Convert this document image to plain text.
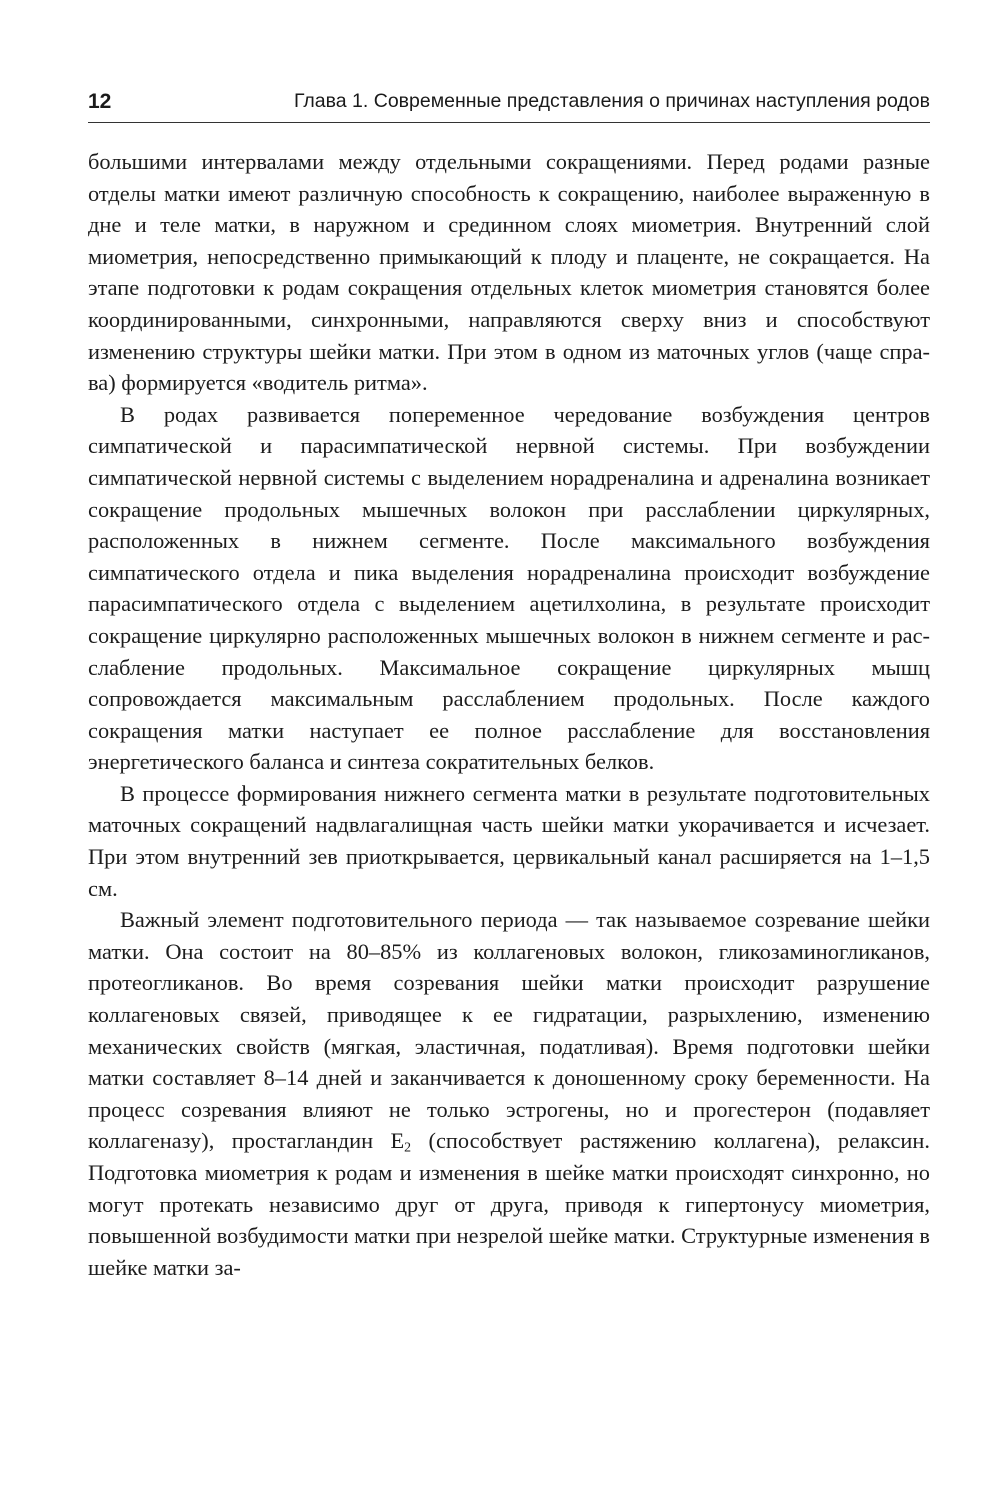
12	Глава 1. Современные представления о причинах наступления родов

большими интервалами между отдельными сокращениями. Перед родами разные отделы матки имеют различную способность к сокращению, наиболее выраженную в дне и теле матки, в наружном и срединном слоях миометрия. Внутренний слой миометрия, непосредственно примыкающий к плоду и плаценте, не сокращается. На этапе подготовки к родам сокращения отдельных клеток миометрия становятся более координированными, синхронными, направляются сверху вниз и способствуют изменению структуры шейки матки. При этом в одном из маточных углов (чаще справа) формируется «водитель ритма».

В родах развивается попеременное чередование возбуждения центров симпатической и парасимпатической нервной системы. При возбуждении симпатической нервной системы с выделением норадреналина и адреналина возникает сокращение продольных мышечных волокон при расслаблении циркулярных, расположенных в нижнем сегменте. После максимального возбуждения симпатического отдела и пика выделения норадреналина происходит возбуждение парасимпатического отдела с выделением ацетилхолина, в результате происходит сокращение циркулярно расположенных мышечных волокон в нижнем сегменте и расслабление продольных. Максимальное сокращение циркулярных мышц сопровождается максимальным расслаблением продольных. После каждого сокращения матки наступает ее полное расслабление для восстановления энергетического баланса и синтеза сократительных белков.

В процессе формирования нижнего сегмента матки в результате подготовительных маточных сокращений надвлагалищная часть шейки матки укорачивается и исчезает. При этом внутренний зев приоткрывается, цервикальный канал расширяется на 1–1,5 см.

Важный элемент подготовительного периода — так называемое созревание шейки матки. Она состоит на 80–85% из коллагеновых волокон, гликозаминогликанов, протеогликанов. Во время созревания шейки матки происходит разрушение коллагеновых связей, приводящее к ее гидратации, разрыхлению, изменению механических свойств (мягкая, эластичная, податливая). Время подготовки шейки матки составляет 8–14 дней и заканчивается к доношенному сроку беременности. На процесс созревания влияют не только эстрогены, но и прогестерон (подавляет коллагеназу), простагландин $E_2$ (способствует растяжению коллагена), релаксин. Подготовка миометрия к родам и изменения в шейке матки происходят синхронно, но могут протекать независимо друг от друга, приводя к гипертонусу миометрия, повышенной возбудимости матки при незрелой шейке матки. Структурные изменения в шейке матки за-
